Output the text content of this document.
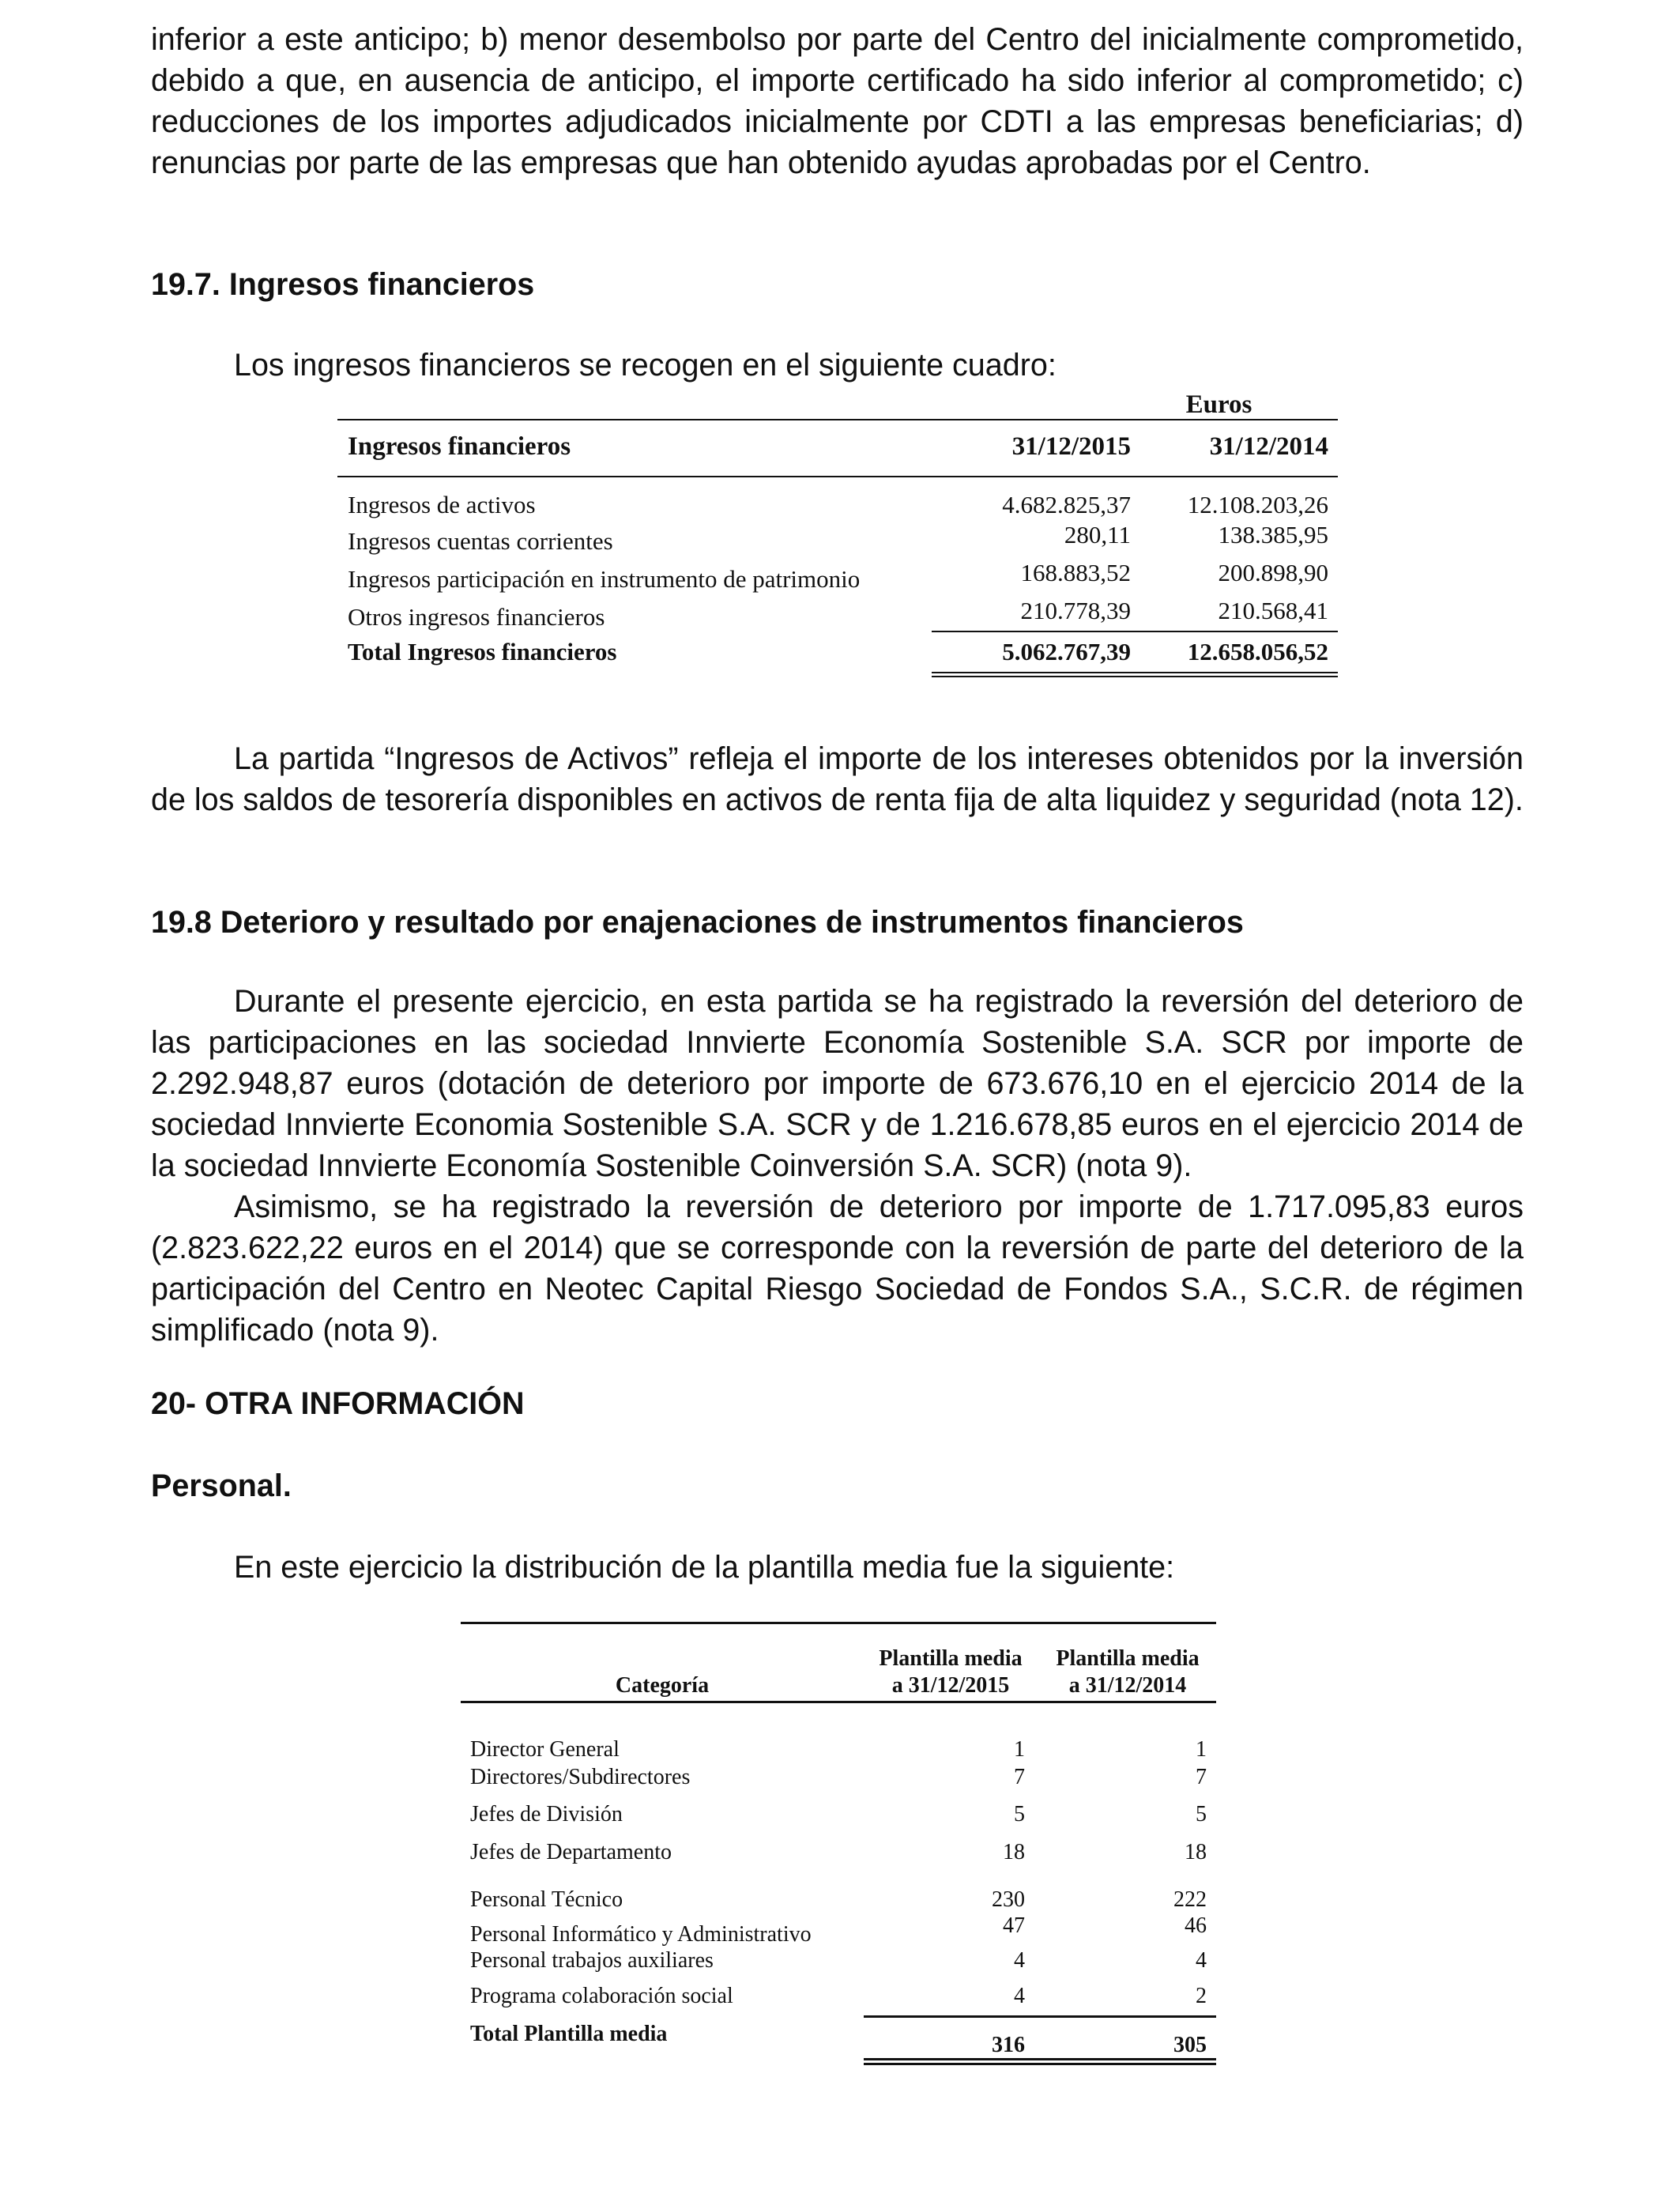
inferior a este anticipo; b) menor desembolso por parte del Centro del inicialmente comprometido, debido a que, en ausencia de anticipo, el importe certificado ha sido inferior al comprometido; c) reducciones de los importes adjudicados inicialmente por CDTI a las empresas beneficiarias; d) renuncias por parte de las empresas que han obtenido ayudas aprobadas por el Centro.

19.7. Ingresos financieros

Los ingresos financieros se recogen en el siguiente cuadro:

Euros
Ingresos financieros	31/12/2015	31/12/2014
Ingresos de activos	4.682.825,37 12.108.203,26
Ingresos cuentas corrientes	280,11	138.385,95
Ingresos participación en instrumento de patrimonio	168.883,52	200.898,90
Otros ingresos financieros	210.778,39	210.568,41
Total Ingresos financieros	5.062.767,39 12.658.056,52

La partida “Ingresos de Activos” refleja el importe de los intereses obtenidos por la inversión de los saldos de tesorería disponibles en activos de renta fija de alta liquidez y seguridad (nota 12).

19.8 Deterioro y resultado por enajenaciones de instrumentos financieros

Durante el presente ejercicio, en esta partida se ha registrado la reversión del deterioro de las participaciones en las sociedad Innvierte Economía Sostenible S.A. SCR por importe de 2.292.948,87 euros (dotación de deterioro por importe de 673.676,10 en el ejercicio 2014 de la sociedad Innvierte Economia Sostenible S.A. SCR y de 1.216.678,85 euros en el ejercicio 2014 de la sociedad Innvierte Economía Sostenible Coinversión S.A. SCR) (nota 9).

Asimismo, se ha registrado la reversión de deterioro por importe de 1.717.095,83 euros (2.823.622,22 euros en el 2014) que se corresponde con la reversión de parte del deterioro de la participación del Centro en Neotec Capital Riesgo Sociedad de Fondos S.A., S.C.R. de régimen simplificado (nota 9).

20- OTRA INFORMACIÓN
Personal.

En este ejercicio la distribución de la plantilla media fue la siguiente:

Categoría
Plantilla media
a 31/12/2015
Plantilla media
a 31/12/2014
Director General	1	1
Directores/Subdirectores	7	7
Jefes de División	5	5
Jefes de Departamento	18	18
Personal Técnico	230	222
Personal Informático y Administrativo	47	46
Personal trabajos auxiliares	4	4
Programa colaboración social	4	2
Total Plantilla media	316	305
